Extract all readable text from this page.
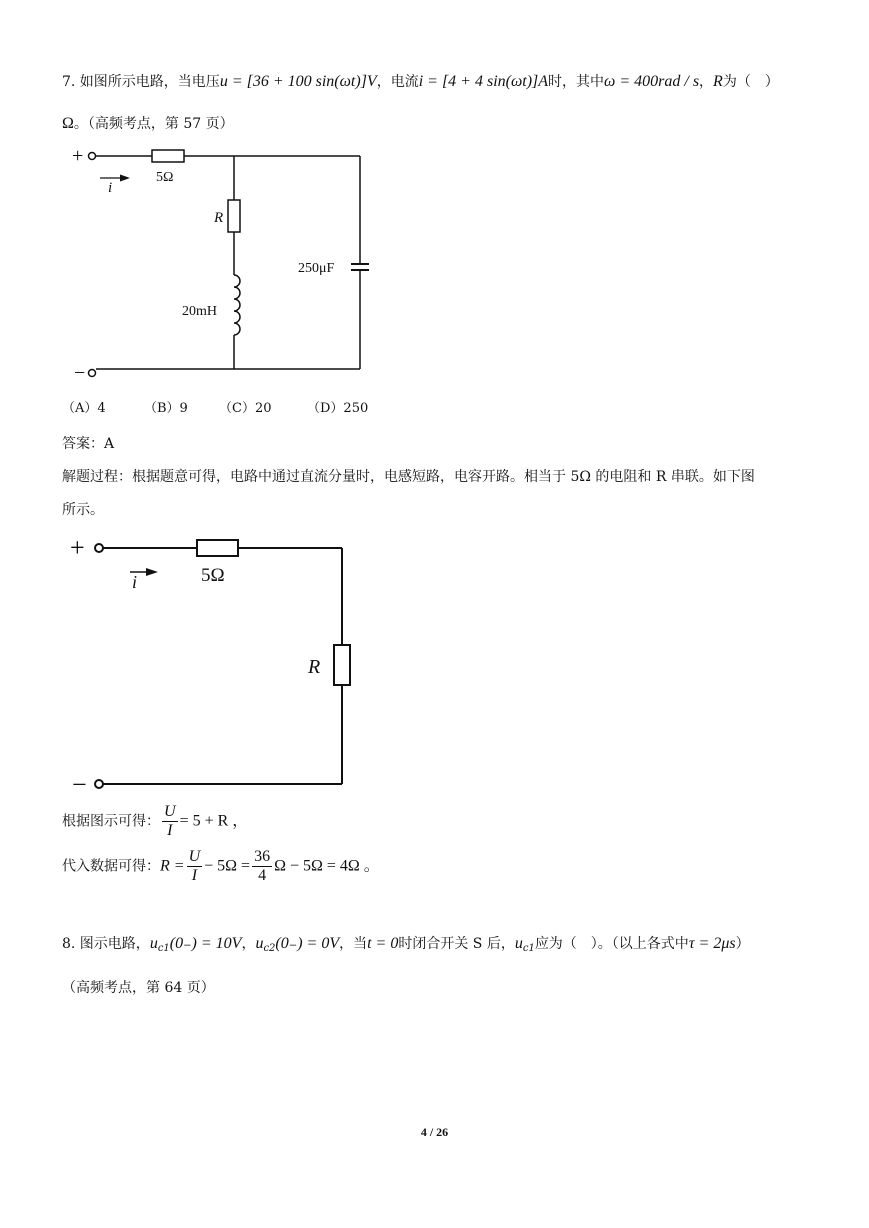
7. 如图所示电路，当电压u = [36 + 100 sin(ωt)]V，电流i = [4 + 4 sin(ωt)]A时，其中ω = 400rad / s，R为（　）
Ω。（高频考点，第 57 页）
+
−
i
5Ω
R
20mH
250μF
（A）4	（B）9 （C）20	（D）250
答案：A
解题过程：根据题意可得，电路中通过直流分量时，电感短路，电容开路。相当于 5Ω 的电阻和 R 串联。如下图
所示。
+
−
i	5Ω
R
根据图示可得： $\frac{U}{I} = 5 + R$ ，
代入数据可得：$R = \frac{U}{I} - 5\Omega = \frac{36}{4}$ Ω − 5Ω = 4Ω 。
8. 图示电路，$u_{c1}(0_-) = 10V$，$u_{c2}(0_-) = 0V$，当t = 0时闭合开关 S 后，$u_{c1}$应为（　）。（以上各式中τ = 2μs）
（高频考点，第 64 页）
4 / 26
